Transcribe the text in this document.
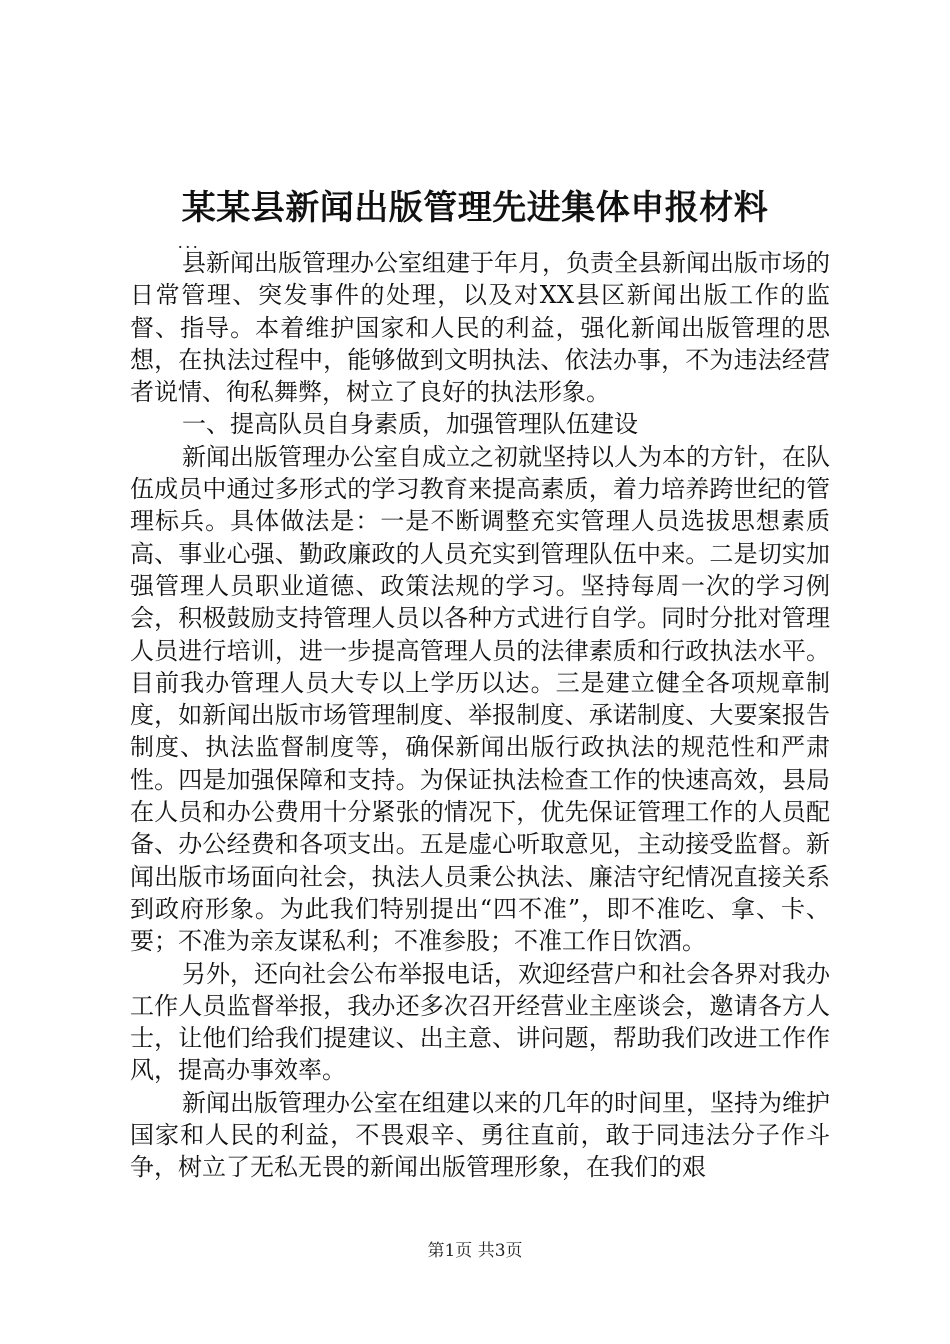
某某县新闻出版管理先进集体申报材料
...

县新闻出版管理办公室组建于年月，负责全县新闻出版市场的日常管理、突发事件的处理，以及对XX县区新闻出版工作的监督、指导。本着维护国家和人民的利益，强化新闻出版管理的思想，在执法过程中，能够做到文明执法、依法办事，不为违法经营者说情、徇私舞弊，树立了良好的执法形象。

一、提高队员自身素质，加强管理队伍建设

新闻出版管理办公室自成立之初就坚持以人为本的方针，在队伍成员中通过多形式的学习教育来提高素质，着力培养跨世纪的管理标兵。具体做法是：一是不断调整充实管理人员选拔思想素质高、事业心强、勤政廉政的人员充实到管理队伍中来。二是切实加强管理人员职业道德、政策法规的学习。坚持每周一次的学习例会，积极鼓励支持管理人员以各种方式进行自学。同时分批对管理人员进行培训，进一步提高管理人员的法律素质和行政执法水平。目前我办管理人员大专以上学历以达。三是建立健全各项规章制度，如新闻出版市场管理制度、举报制度、承诺制度、大要案报告制度、执法监督制度等，确保新闻出版行政执法的规范性和严肃性。四是加强保障和支持。为保证执法检查工作的快速高效，县局在人员和办公费用十分紧张的情况下，优先保证管理工作的人员配备、办公经费和各项支出。五是虚心听取意见，主动接受监督。新闻出版市场面向社会，执法人员秉公执法、廉洁守纪情况直接关系到政府形象。为此我们特别提出“四不准”，即不准吃、拿、卡、要；不准为亲友谋私利；不准参股；不准工作日饮酒。

另外，还向社会公布举报电话，欢迎经营户和社会各界对我办工作人员监督举报，我办还多次召开经营业主座谈会，邀请各方人士，让他们给我们提建议、出主意、讲问题，帮助我们改进工作作风，提高办事效率。

新闻出版管理办公室在组建以来的几年的时间里，坚持为维护国家和人民的利益，不畏艰辛、勇往直前，敢于同违法分子作斗争，树立了无私无畏的新闻出版管理形象，在我们的艰

第1页 共3页
